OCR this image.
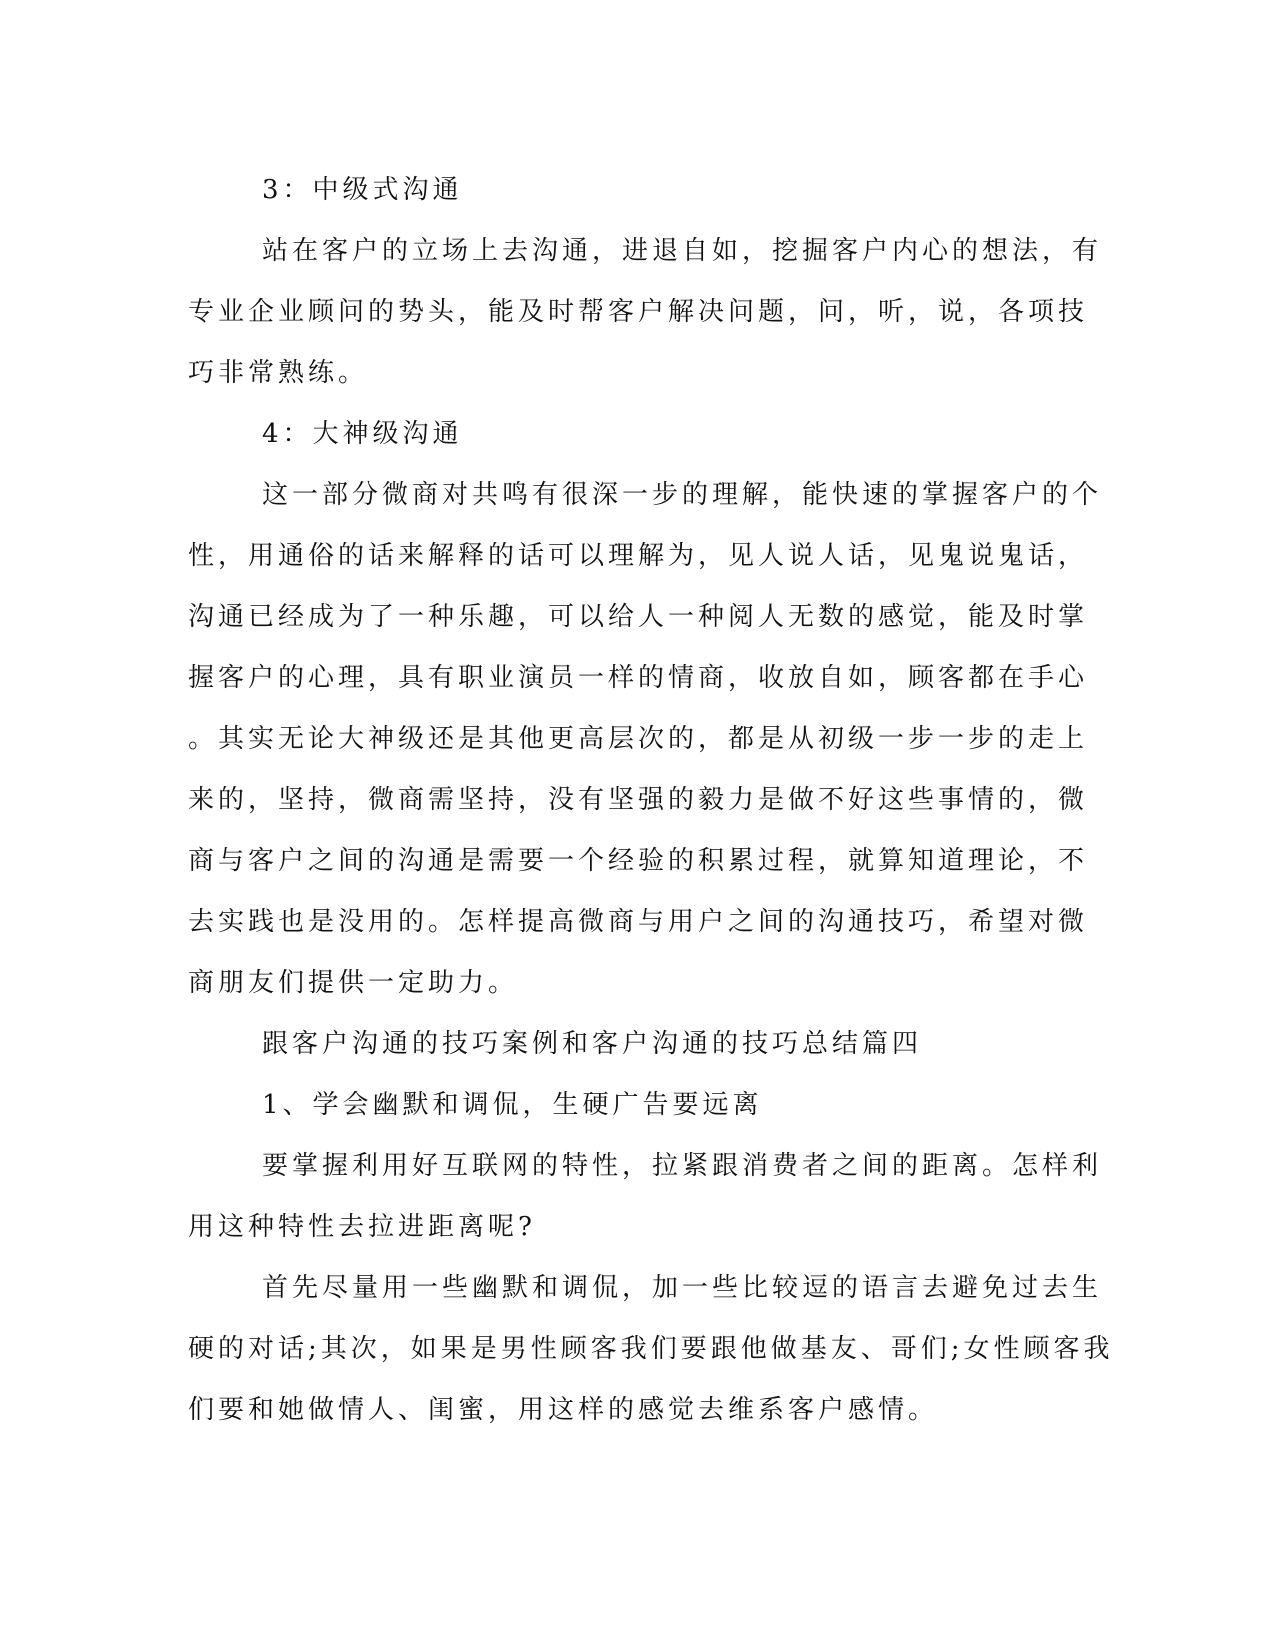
3：中级式沟通
站在客户的立场上去沟通，进退自如，挖掘客户内心的想法，有
专业企业顾问的势头，能及时帮客户解决问题，问，听，说，各项技
巧非常熟练。
4：大神级沟通
这一部分微商对共鸣有很深一步的理解，能快速的掌握客户的个
性，用通俗的话来解释的话可以理解为，见人说人话，见鬼说鬼话，
沟通已经成为了一种乐趣，可以给人一种阅人无数的感觉，能及时掌
握客户的心理，具有职业演员一样的情商，收放自如，顾客都在手心
。其实无论大神级还是其他更高层次的，都是从初级一步一步的走上
来的，坚持，微商需坚持，没有坚强的毅力是做不好这些事情的，微
商与客户之间的沟通是需要一个经验的积累过程，就算知道理论，不
去实践也是没用的。怎样提高微商与用户之间的沟通技巧，希望对微
商朋友们提供一定助力。
跟客户沟通的技巧案例和客户沟通的技巧总结篇四
1、学会幽默和调侃，生硬广告要远离
要掌握利用好互联网的特性，拉紧跟消费者之间的距离。怎样利
用这种特性去拉进距离呢?
首先尽量用一些幽默和调侃，加一些比较逗的语言去避免过去生
硬的对话;其次，如果是男性顾客我们要跟他做基友、哥们;女性顾客我
们要和她做情人、闺蜜，用这样的感觉去维系客户感情。
